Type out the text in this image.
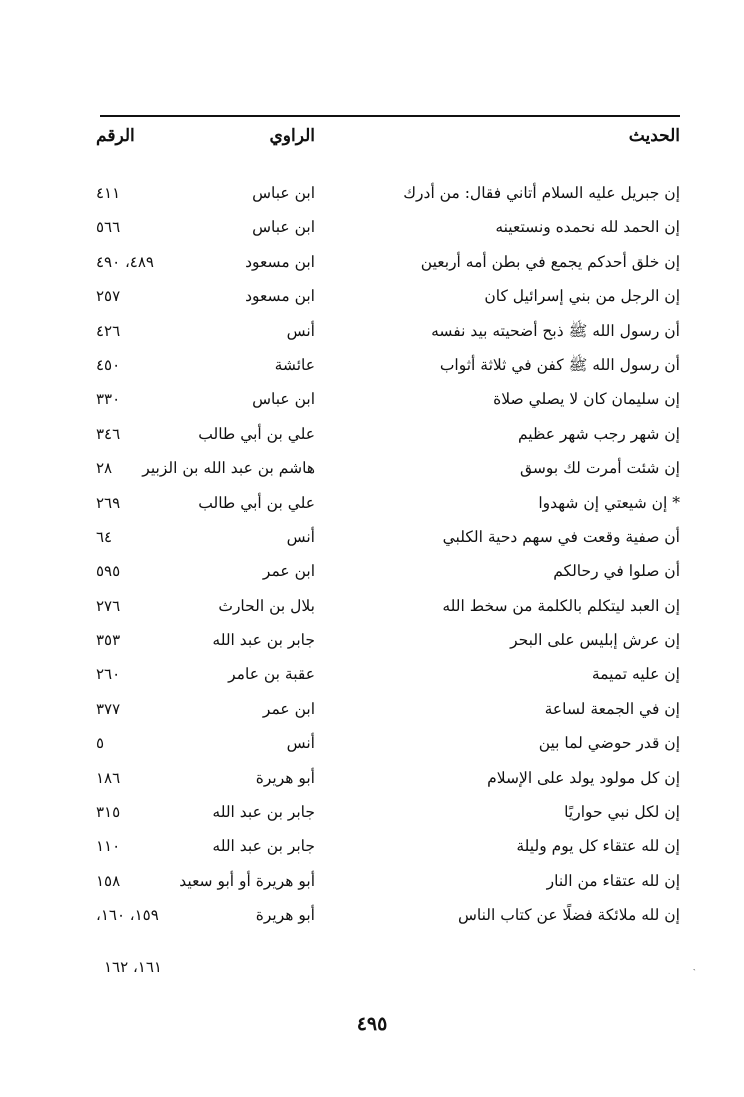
الحديث
الراوي
الرقم
إن جبريل عليه السلام أتاني فقال: من أدرك
ابن عباس
٤١١
إن الحمد لله نحمده ونستعينه
ابن عباس
٥٦٦
إن خلق أحدكم يجمع في بطن أمه أربعين
ابن مسعود
٤٨٩، ٤٩٠
إن الرجل من بني إسرائيل كان
ابن مسعود
٢٥٧
أن رسول الله ﷺ ذبح أضحيته بيد نفسه
أنس
٤٢٦
أن رسول الله ﷺ كفن في ثلاثة أثواب
عائشة
٤٥٠
إن سليمان كان لا يصلي صلاة
ابن عباس
٣٣٠
إن شهر رجب شهر عظيم
علي بن أبي طالب
٣٤٦
إن شئت أمرت لك بوسق
هاشم بن عبد الله بن الزبير
٢٨
* إن شيعتي إن شهدوا
علي بن أبي طالب
٢٦٩
أن صفية وقعت في سهم دحية الكلبي
أنس
٦٤
أن صلوا في رحالكم
ابن عمر
٥٩٥
إن العبد ليتكلم بالكلمة من سخط الله
بلال بن الحارث
٢٧٦
إن عرش إبليس على البحر
جابر بن عبد الله
٣٥٣
إن عليه تميمة
عقبة بن عامر
٢٦٠
إن في الجمعة لساعة
ابن عمر
٣٧٧
إن قدر حوضي لما بين
أنس
٥
إن كل مولود يولد على الإسلام
أبو هريرة
١٨٦
إن لكل نبي حواريًا
جابر بن عبد الله
٣١٥
إن لله عتقاء كل يوم وليلة
جابر بن عبد الله
١١٠
إن لله عتقاء من النار
أبو هريرة أو أبو سعيد
١٥٨
إن لله ملائكة فضلًا عن كتاب الناس
أبو هريرة
١٥٩، ١٦٠،
١٦١، ١٦٢	ˏ
٤٩٥
